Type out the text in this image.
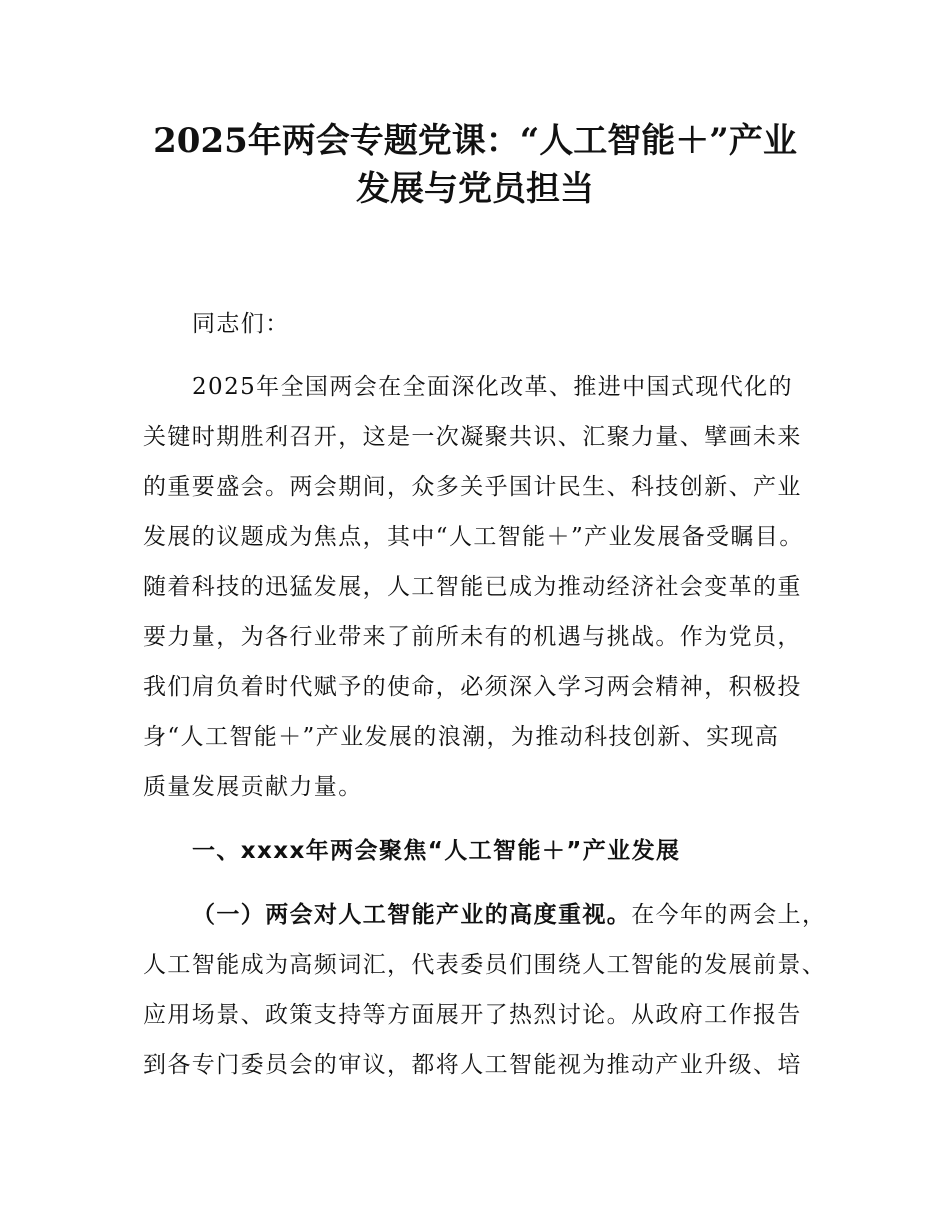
2025年两会专题党课：“人工智能＋”产业
发展与党员担当
同志们：
2025年全国两会在全面深化改革、推进中国式现代化的
关键时期胜利召开，这是一次凝聚共识、汇聚力量、擘画未来
的重要盛会。两会期间，众多关乎国计民生、科技创新、产业
发展的议题成为焦点，其中“人工智能＋”产业发展备受瞩目。
随着科技的迅猛发展，人工智能已成为推动经济社会变革的重
要力量，为各行业带来了前所未有的机遇与挑战。作为党员，
我们肩负着时代赋予的使命，必须深入学习两会精神，积极投
身“人工智能＋”产业发展的浪潮，为推动科技创新、实现高
质量发展贡献力量。
一、xxxx年两会聚焦“人工智能＋”产业发展
（一）两会对人工智能产业的高度重视。在今年的两会上，
人工智能成为高频词汇，代表委员们围绕人工智能的发展前景、
应用场景、政策支持等方面展开了热烈讨论。从政府工作报告
到各专门委员会的审议，都将人工智能视为推动产业升级、培
